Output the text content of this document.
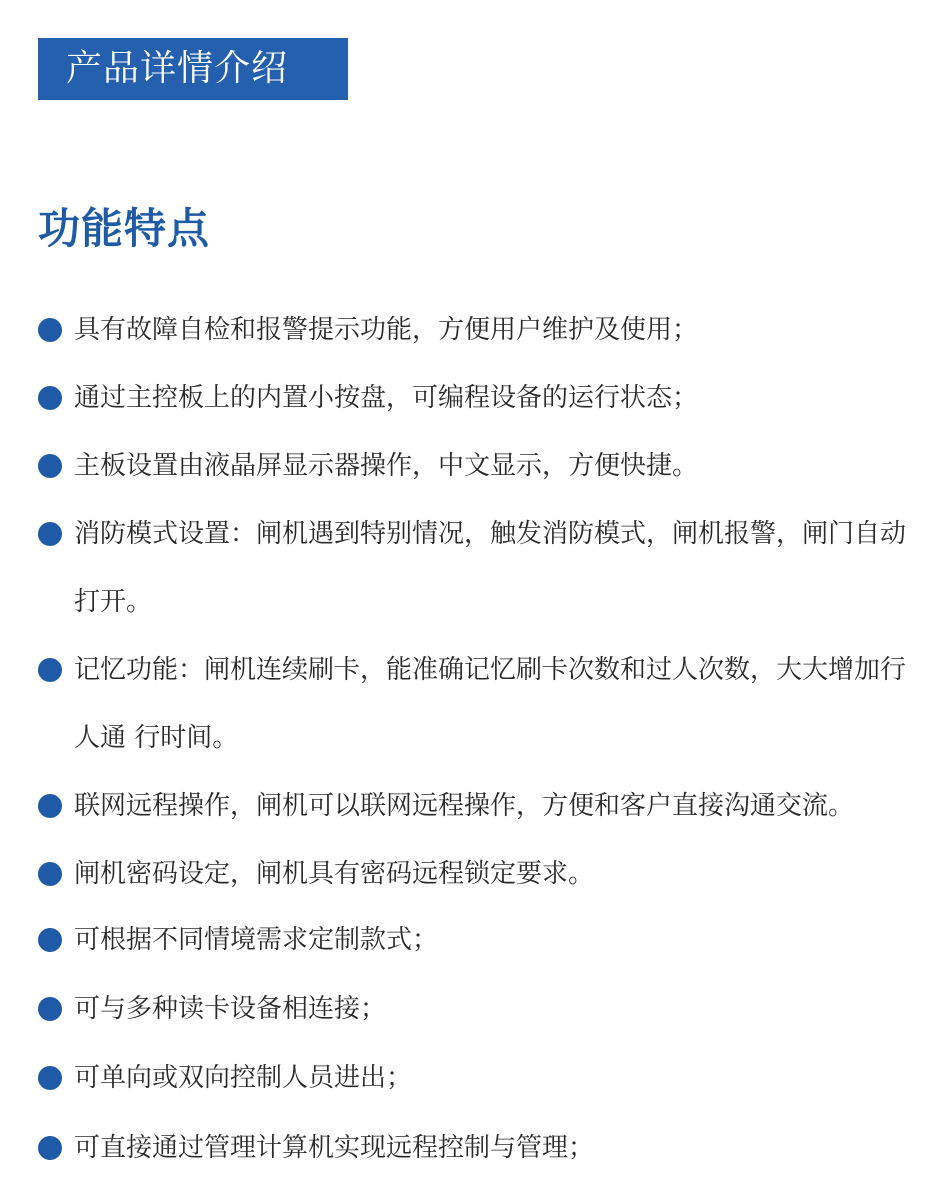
产品详情介绍
功能特点
具有故障自检和报警提示功能，方便用户维护及使用；
通过主控板上的内置小按盘，可编程设备的运行状态；
主板设置由液晶屏显示器操作，中文显示，方便快捷。
消防模式设置：闸机遇到特别情况，触发消防模式，闸机报警，闸门自动打开。
记忆功能：闸机连续刷卡，能准确记忆刷卡次数和过人次数，大大增加行人通 行时间。
联网远程操作，闸机可以联网远程操作，方便和客户直接沟通交流。
闸机密码设定，闸机具有密码远程锁定要求。
可根据不同情境需求定制款式；
可与多种读卡设备相连接；
可单向或双向控制人员进出；
可直接通过管理计算机实现远程控制与管理；
